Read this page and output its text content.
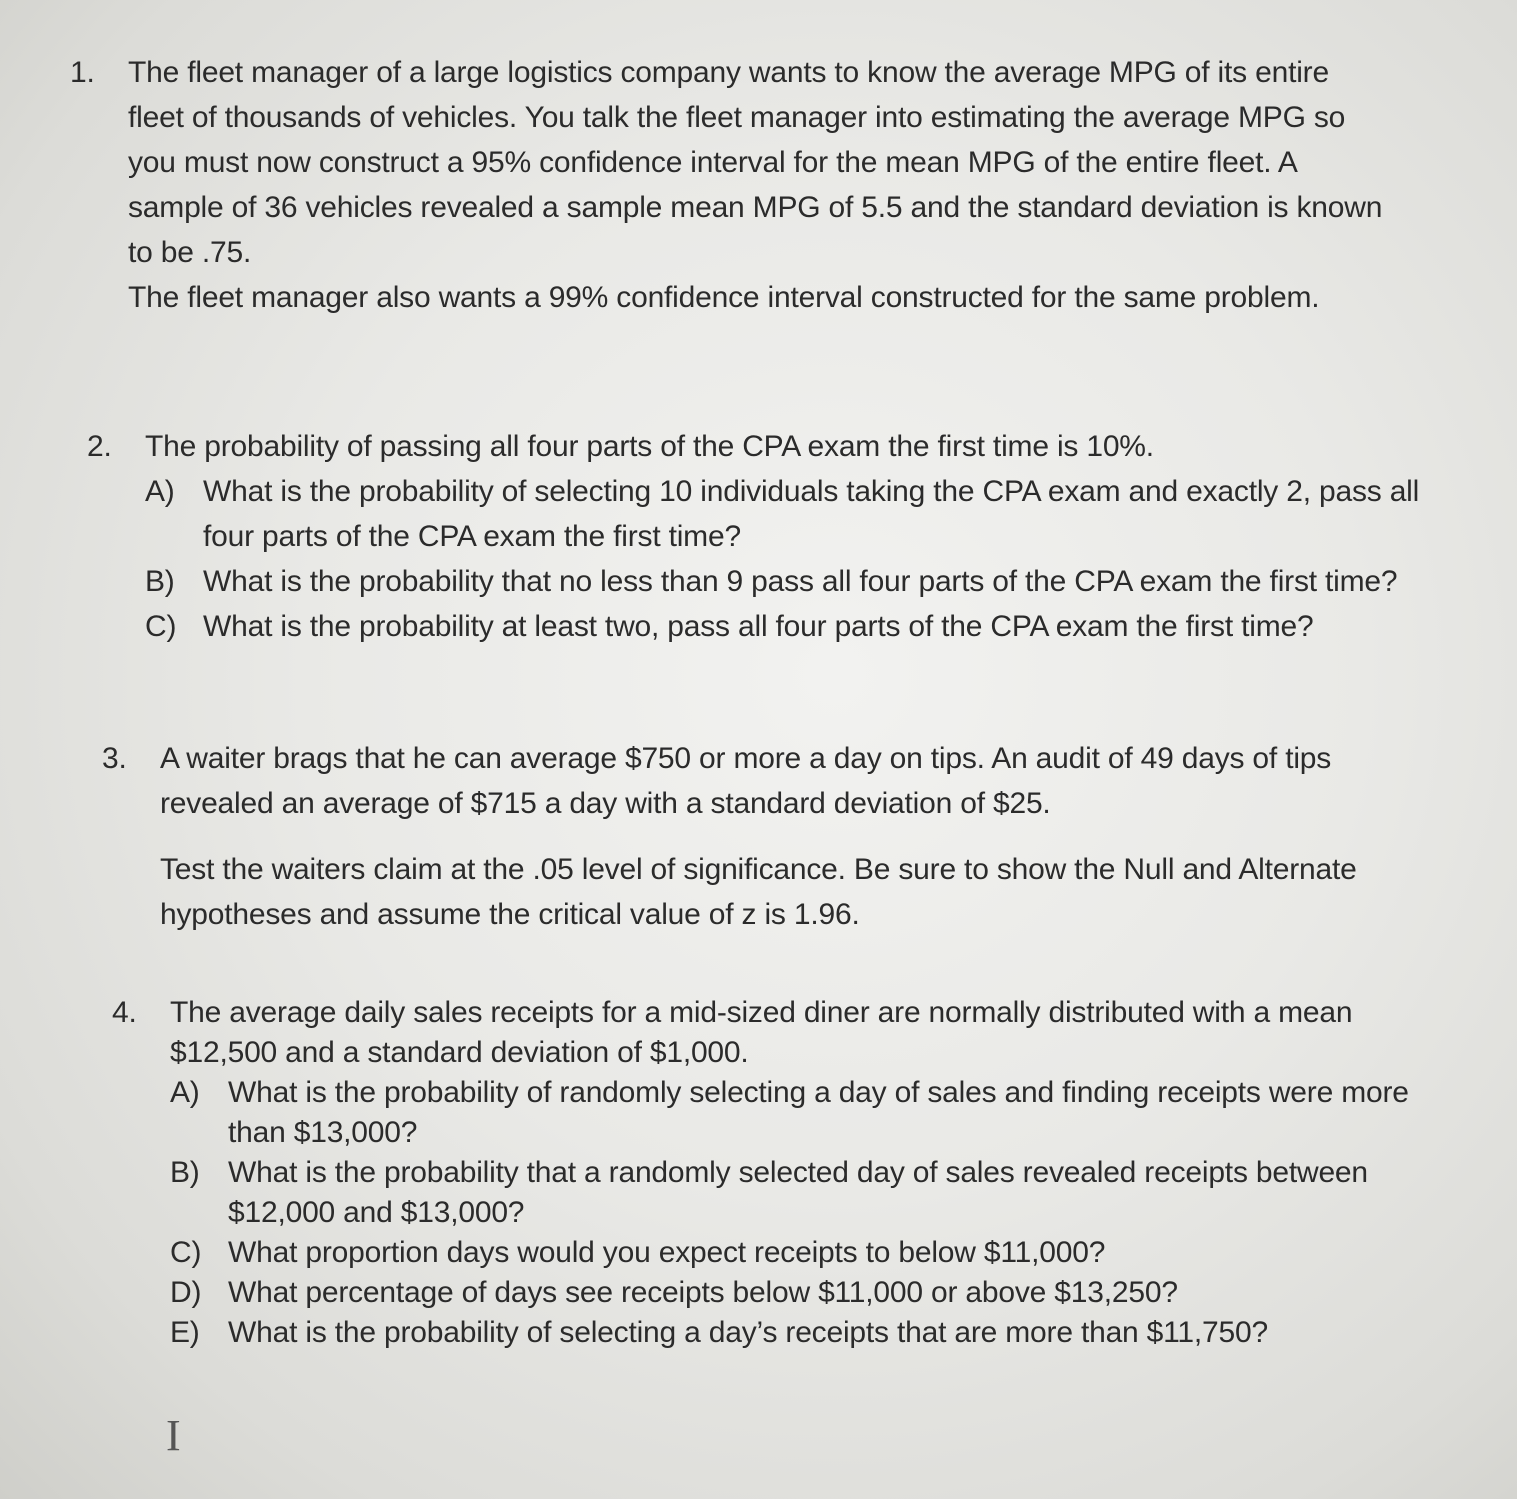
1. The fleet manager of a large logistics company wants to know the average MPG of its entire
fleet of thousands of vehicles. You talk the fleet manager into estimating the average MPG so
you must now construct a 95% confidence interval for the mean MPG of the entire fleet. A
sample of 36 vehicles revealed a sample mean MPG of 5.5 and the standard deviation is known
to be .75.
The fleet manager also wants a 99% confidence interval constructed for the same problem.
2. The probability of passing all four parts of the CPA exam the first time is 10%.
A) What is the probability of selecting 10 individuals taking the CPA exam and exactly 2, pass all
four parts of the CPA exam the first time?
B) What is the probability that no less than 9 pass all four parts of the CPA exam the first time?
C) What is the probability at least two, pass all four parts of the CPA exam the first time?
3. A waiter brags that he can average $750 or more a day on tips. An audit of 49 days of tips
revealed an average of $715 a day with a standard deviation of $25.
Test the waiters claim at the .05 level of significance. Be sure to show the Null and Alternate
hypotheses and assume the critical value of z is 1.96.
4. The average daily sales receipts for a mid-sized diner are normally distributed with a mean
$12,500 and a standard deviation of $1,000.
A) What is the probability of randomly selecting a day of sales and finding receipts were more
than $13,000?
B) What is the probability that a randomly selected day of sales revealed receipts between
$12,000 and $13,000?
C) What proportion days would you expect receipts to below $11,000?
D) What percentage of days see receipts below $11,000 or above $13,250?
E) What is the probability of selecting a day’s receipts that are more than $11,750?
I
